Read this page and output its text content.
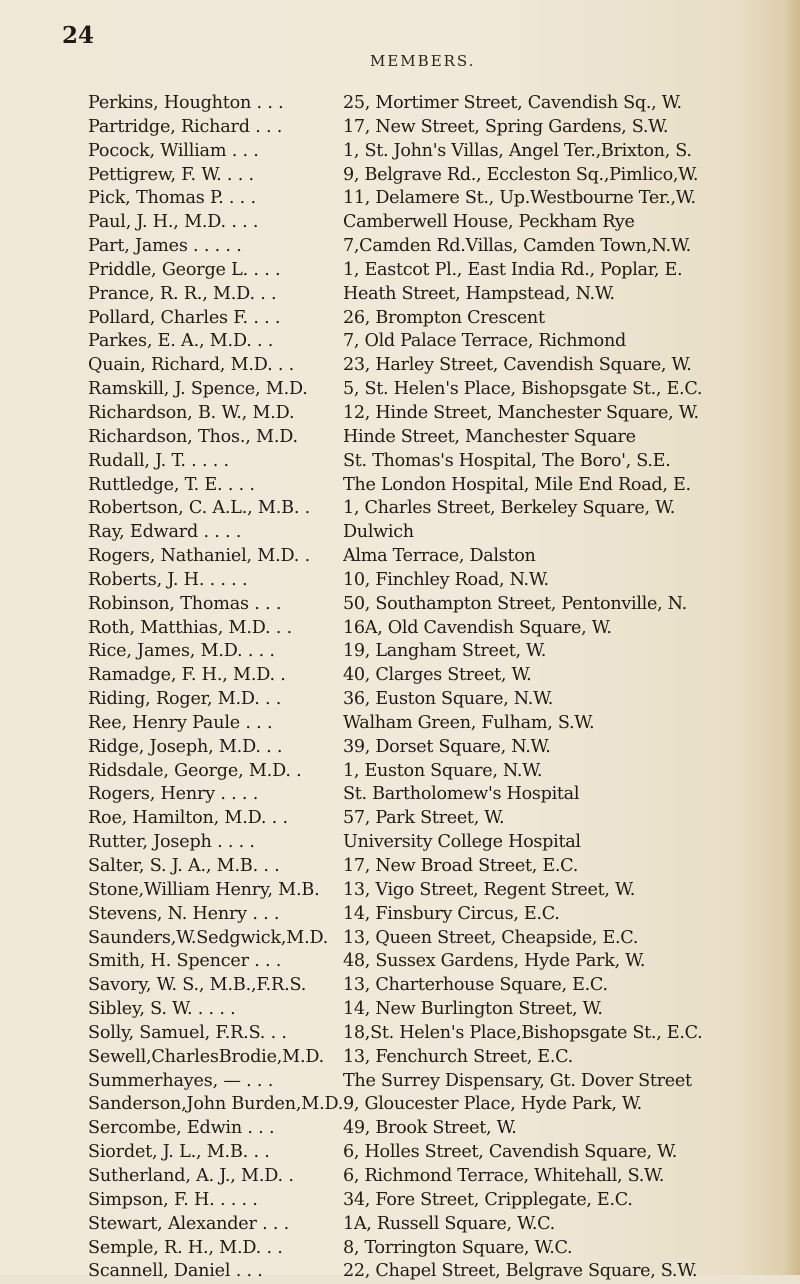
24
MEMBERS.
Perkins, Houghton . . .	25, Mortimer Street, Cavendish Sq., W.
Partridge, Richard . . .	17, New Street, Spring Gardens, S.W.
Pocock, William . . .	1, St. John's Villas, Angel Ter.,Brixton, S.
Pettigrew, F. W. . . .	9, Belgrave Rd., Eccleston Sq.,Pimlico,W.
Pick, Thomas P. . . .	11, Delamere St., Up.Westbourne Ter.,W.
Paul, J. H., M.D. . . .	Camberwell House, Peckham Rye
Part, James . . . . .	7,Camden Rd.Villas, Camden Town,N.W.
Priddle, George L. . . .	1, Eastcot Pl., East India Rd., Poplar, E.
Prance, R. R., M.D. . .	Heath Street, Hampstead, N.W.
Pollard, Charles F. . . .	26, Brompton Crescent
Parkes, E. A., M.D. . .	7, Old Palace Terrace, Richmond
Quain, Richard, M.D. . .	23, Harley Street, Cavendish Square, W.
Ramskill, J. Spence, M.D.	5, St. Helen's Place, Bishopsgate St., E.C.
Richardson, B. W., M.D.	12, Hinde Street, Manchester Square, W.
Richardson, Thos., M.D.	Hinde Street, Manchester Square
Rudall, J. T. . . . .	St. Thomas's Hospital, The Boro', S.E.
Ruttledge, T. E. . . .	The London Hospital, Mile End Road, E.
Robertson, C. A.L., M.B. .	1, Charles Street, Berkeley Square, W.
Ray, Edward . . . .	Dulwich
Rogers, Nathaniel, M.D. .	Alma Terrace, Dalston
Roberts, J. H. . . . .	10, Finchley Road, N.W.
Robinson, Thomas . . .	50, Southampton Street, Pentonville, N.
Roth, Matthias, M.D. . .	16A, Old Cavendish Square, W.
Rice, James, M.D. . . .	19, Langham Street, W.
Ramadge, F. H., M.D. .	40, Clarges Street, W.
Riding, Roger, M.D. . .	36, Euston Square, N.W.
Ree, Henry Paule . . .	Walham Green, Fulham, S.W.
Ridge, Joseph, M.D. . .	39, Dorset Square, N.W.
Ridsdale, George, M.D. .	1, Euston Square, N.W.
Rogers, Henry . . . .	St. Bartholomew's Hospital
Roe, Hamilton, M.D. . .	57, Park Street, W.
Rutter, Joseph . . . .	University College Hospital
Salter, S. J. A., M.B. . .	17, New Broad Street, E.C.
Stone,William Henry, M.B.	13, Vigo Street, Regent Street, W.
Stevens, N. Henry . . .	14, Finsbury Circus, E.C.
Saunders,W.Sedgwick,M.D. 13, Queen Street, Cheapside, E.C.
Smith, H. Spencer . . .	48, Sussex Gardens, Hyde Park, W.
Savory, W. S., M.B.,F.R.S.	13, Charterhouse Square, E.C.
Sibley, S. W. . . . .	14, New Burlington Street, W.
Solly, Samuel, F.R.S. . .	18,St. Helen's Place,Bishopsgate St., E.C.
Sewell,CharlesBrodie,M.D.	13, Fenchurch Street, E.C.
Summerhayes, — . . .	The Surrey Dispensary, Gt. Dover Street
Sanderson,John Burden,M.D. 9, Gloucester Place, Hyde Park, W.
Sercombe, Edwin . . .	49, Brook Street, W.
Siordet, J. L., M.B. . .	6, Holles Street, Cavendish Square, W.
Sutherland, A. J., M.D. .	6, Richmond Terrace, Whitehall, S.W.
Simpson, F. H. . . . .	34, Fore Street, Cripplegate, E.C.
Stewart, Alexander . . .	1A, Russell Square, W.C.
Semple, R. H., M.D. . .	8, Torrington Square, W.C.
Scannell, Daniel . . .	22, Chapel Street, Belgrave Square, S.W.
